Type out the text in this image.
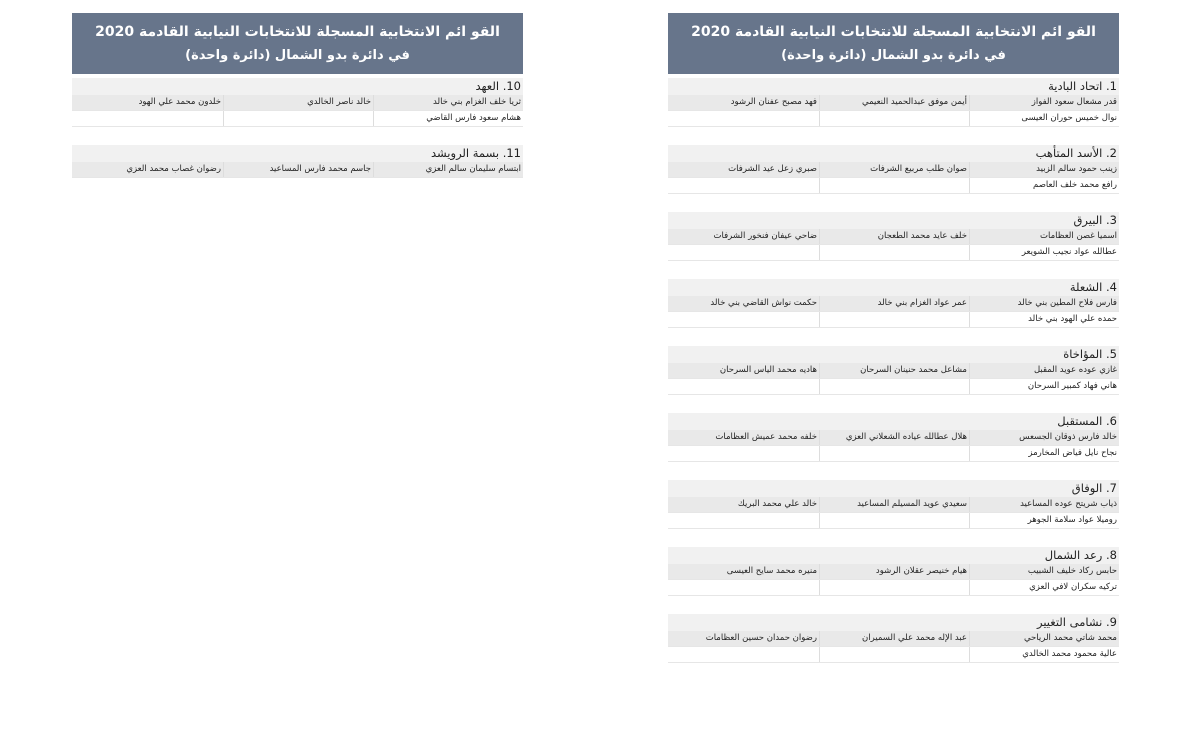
القو ائم الانتخابية المسجلة للانتخابات النيابية القادمة 2020
في دائرة بدو الشمال (دائرة واحدة)
1. اتحاد البادية
قدر مشعال سعود الفواز
أيمن موفق عبدالحميد النعيمي
فهد مصبح عفنان الرشود
نوال خميس حوران العيسى
2. الأسد المتأهب
زينب حمود سالم الزبيد
صوان طلب مربيع الشرفات
صبري زعل عيد الشرفات
رافع محمد خلف العاصم
3. البيرق
اسميا غصن العظامات
خلف عايد محمد الطعجان
ضاحي عيفان فنخور الشرفات
عطالله عواد نجيب الشويعر
4. الشعلة
فارس فلاح المطين بني خالد
عمر عواد الغزام بني خالد
حكمت نواش القاضي بني خالد
حمده علي الهود بني خالد
5. المؤاخاة
غازي عوده عويد المقبل
مشاعل محمد حنينان السرحان
هاديه محمد الياس السرحان
هاني فهاد كمبير السرحان
6. المستقبل
خالد فارس ذوقان الجسعس
هلال عطالله عياده الشعلاني العزي
خلفه محمد عميش العظامات
نجاح نايل فياض المخارمز
7. الوفاق
ذياب شريتح عوده المساعيد
سعيدي عويد المسيلم المساعيد
خالد علي محمد البريك
روميلا عواد سلامة الجوهر
8. رعد الشمال
حابس ركاد خليف الشبيب
هيام خنيصر عقلان الرشود
منيره محمد سايح العيسى
تركيه سكران لافي العزي
9. نشامى التغيير
محمد شاتي محمد الرياحي
عبد الإله محمد علي السميران
رضوان حمدان حسين العظامات
عالية محمود محمد الخالدي
القو ائم الانتخابية المسجلة للانتخابات النيابية القادمة 2020
في دائرة بدو الشمال (دائرة واحدة)
10. العهد
ثريا خلف الغزام بني خالد
خالد ناصر الخالدي
خلدون محمد علي الهود
هشام سعود فارس القاضي
11. بسمة الرويشد
ابتسام سليمان سالم العزي
جاسم محمد فارس المساعيد
رضوان غصاب محمد العزي
